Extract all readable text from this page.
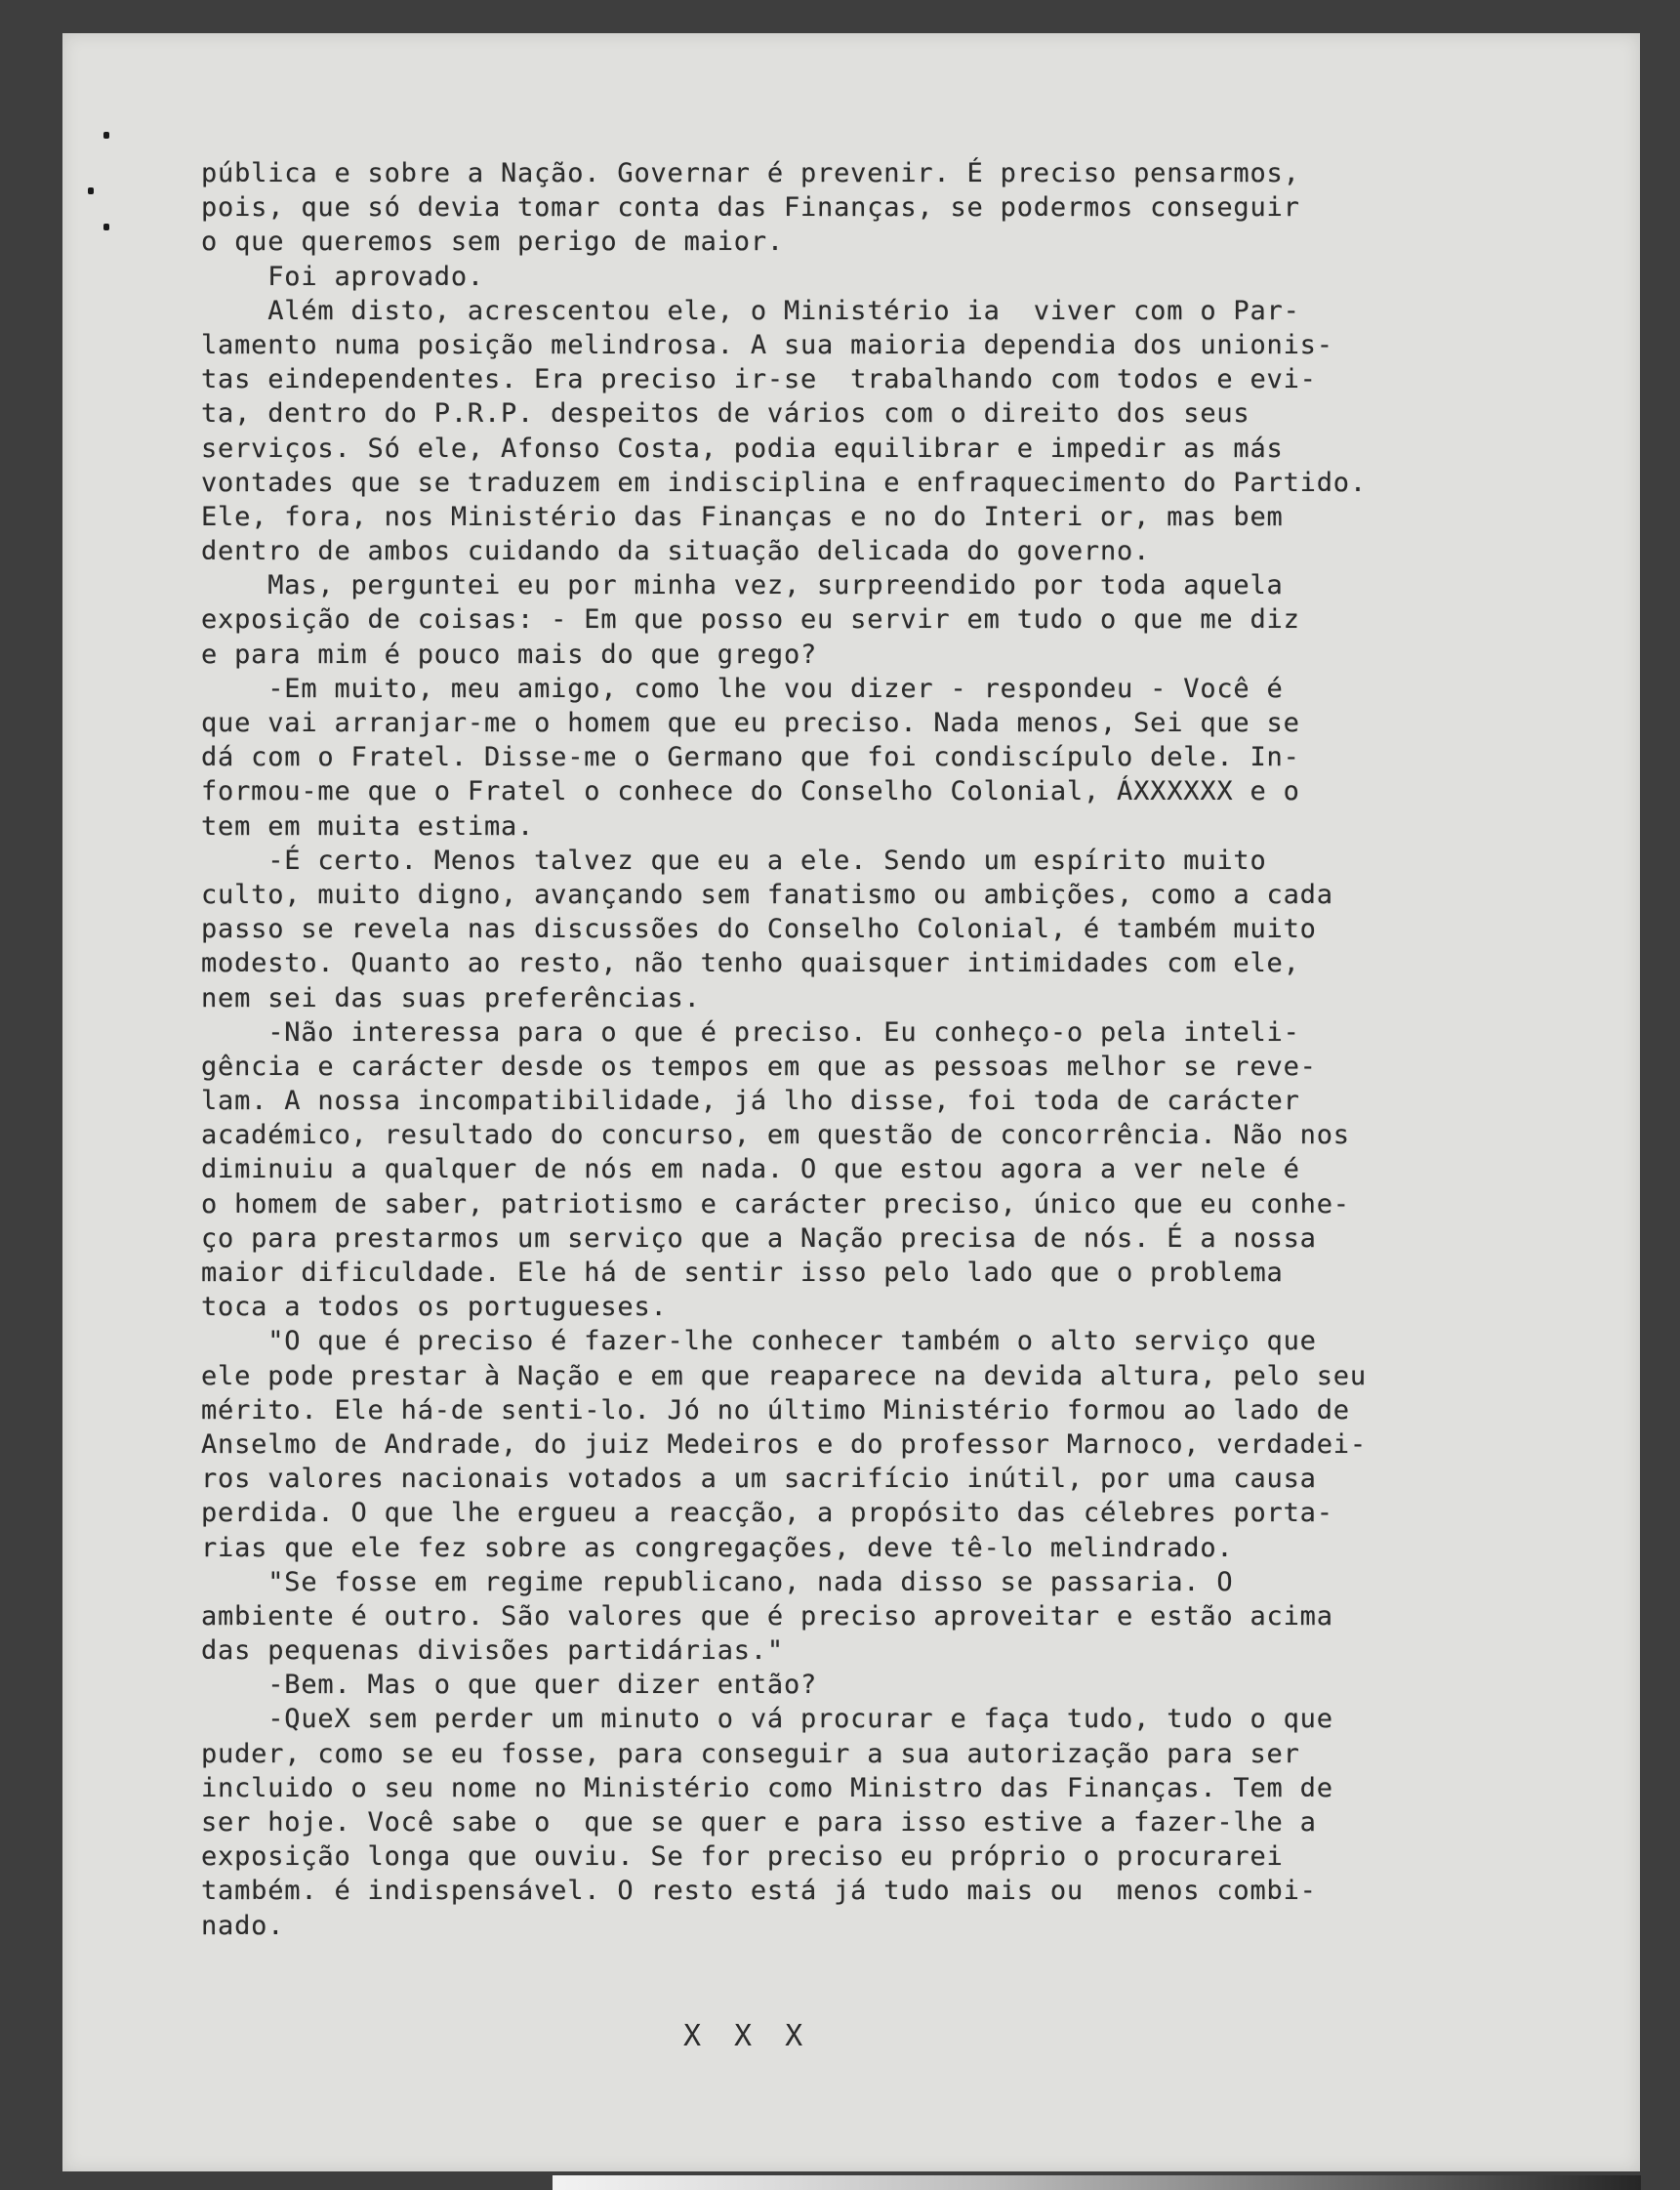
pública e sobre a Nação. Governar é prevenir. É preciso pensarmos,
pois, que só devia tomar conta das Finanças, se podermos conseguir
o que queremos sem perigo de maior.
Foi aprovado.
Além disto, acrescentou ele, o Ministério ia  viver com o Par-
lamento numa posição melindrosa. A sua maioria dependia dos unionis-
tas eindependentes. Era preciso ir-se  trabalhando com todos e evi-
ta, dentro do P.R.P. despeitos de vários com o direito dos seus
serviços. Só ele, Afonso Costa, podia equilibrar e impedir as más
vontades que se traduzem em indisciplina e enfraquecimento do Partido.
Ele, fora, nos Ministério das Finanças e no do Interi or, mas bem
dentro de ambos cuidando da situação delicada do governo.
Mas, perguntei eu por minha vez, surpreendido por toda aquela
exposição de coisas: - Em que posso eu servir em tudo o que me diz
e para mim é pouco mais do que grego?
-Em muito, meu amigo, como lhe vou dizer - respondeu - Você é
que vai arranjar-me o homem que eu preciso. Nada menos, Sei que se
dá com o Fratel. Disse-me o Germano que foi condiscípulo dele. In-
formou-me que o Fratel o conhece do Conselho Colonial, ÁXXXXXX e o
tem em muita estima.
-É certo. Menos talvez que eu a ele. Sendo um espírito muito
culto, muito digno, avançando sem fanatismo ou ambições, como a cada
passo se revela nas discussões do Conselho Colonial, é também muito
modesto. Quanto ao resto, não tenho quaisquer intimidades com ele,
nem sei das suas preferências.
-Não interessa para o que é preciso. Eu conheço-o pela inteli-
gência e carácter desde os tempos em que as pessoas melhor se reve-
lam. A nossa incompatibilidade, já lho disse, foi toda de carácter
académico, resultado do concurso, em questão de concorrência. Não nos
diminuiu a qualquer de nós em nada. O que estou agora a ver nele é
o homem de saber, patriotismo e carácter preciso, único que eu conhe-
ço para prestarmos um serviço que a Nação precisa de nós. É a nossa
maior dificuldade. Ele há de sentir isso pelo lado que o problema
toca a todos os portugueses.
"O que é preciso é fazer-lhe conhecer também o alto serviço que
ele pode prestar à Nação e em que reaparece na devida altura, pelo seu
mérito. Ele há-de senti-lo. Jó no último Ministério formou ao lado de
Anselmo de Andrade, do juiz Medeiros e do professor Marnoco, verdadei-
ros valores nacionais votados a um sacrifício inútil, por uma causa
perdida. O que lhe ergueu a reacção, a propósito das célebres porta-
rias que ele fez sobre as congregações, deve tê-lo melindrado.
"Se fosse em regime republicano, nada disso se passaria. O
ambiente é outro. São valores que é preciso aproveitar e estão acima
das pequenas divisões partidárias."
-Bem. Mas o que quer dizer então?
-QueX sem perder um minuto o vá procurar e faça tudo, tudo o que
puder, como se eu fosse, para conseguir a sua autorização para ser
incluido o seu nome no Ministério como Ministro das Finanças. Tem de
ser hoje. Você sabe o  que se quer e para isso estive a fazer-lhe a
exposição longa que ouviu. Se for preciso eu próprio o procurarei
também. é indispensável. O resto está já tudo mais ou  menos combi-
nado.
XXX
